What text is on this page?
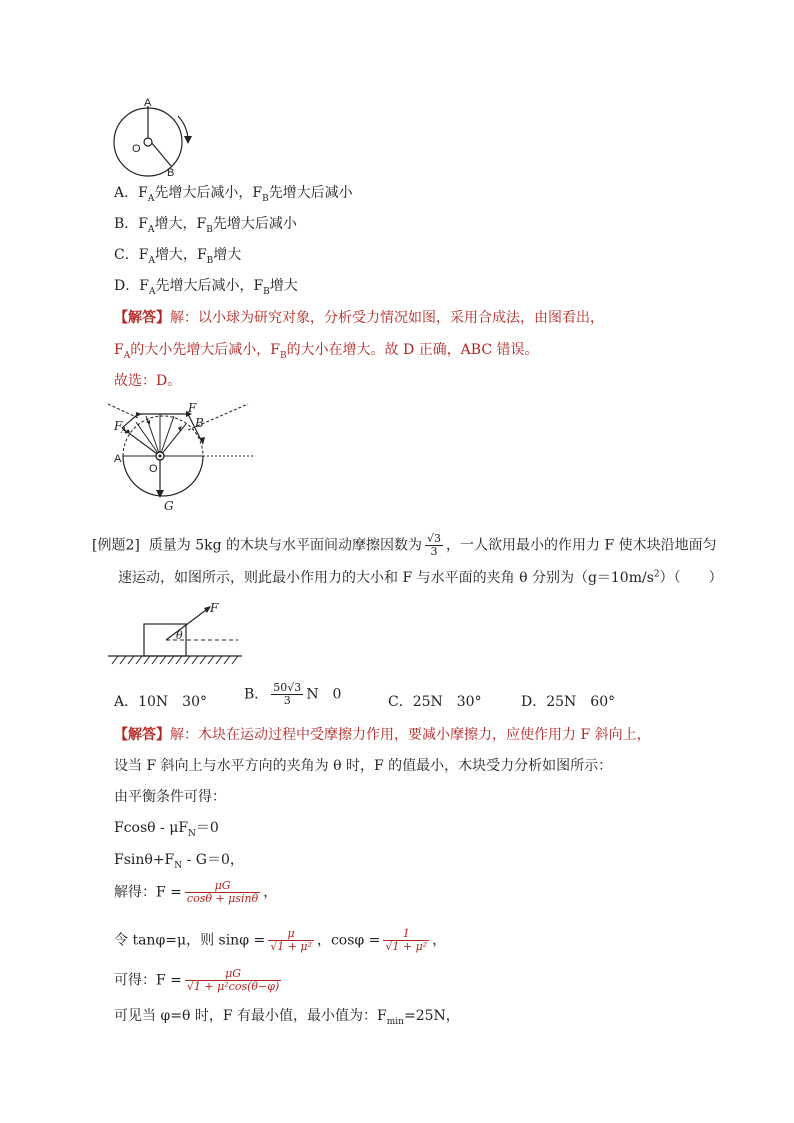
A
O
B
A．$F_A$先增大后减小，$F_B$先增大后减小
B．$F_A$增大，$F_B$先增大后减小
C．$F_A$增大，$F_B$增大
D．$F_A$先增大后减小，$F_B$增大
【解答】解：以小球为研究对象，分析受力情况如图，采用合成法，由图看出，
$F_A$的大小先增大后减小，$F_B$的大小在增大。故 D 正确，ABC 错误。
故选：D。
F
A
F
B
A
O
G
[例题2] 质量为 5kg 的木块与水平面间动摩擦因数为 $\frac{√3}{3}$ ，一人欲用最小的作用力 F 使木块沿地面匀
速运动，如图所示，则此最小作用力的大小和 F 与水平面的夹角 θ 分别为$(g=10m/s^2)$（　　）
F
θ
A．10N　30°	B． $\frac{50√3}{3}$ N　0	C．25N　30°	D．25N　60°
【解答】解：木块在运动过程中受摩擦力作用，要减小摩擦力，应使作用力 F 斜向上，
设当 F 斜向上与水平方向的夹角为 θ 时，F 的值最小，木块受力分析如图所示：
由平衡条件可得：
$Fcos\theta - \mu F_N=0$
$Fsin\theta+F_N - G=0$，
解得：$F = \frac{\mu G}{\cos\theta + \mu\sin\theta}$ ，
令 tanφ=μ，则 $\sin\varphi = \frac{\mu}{\text{√1 + μ²}}$ ，$\cos\varphi = \frac{1}{\text{√1 + μ²}}$ ，
可得：$F = \frac{\mu G}{\text{√1 + μ²cos(θ−φ)}}$
可见当 φ=θ 时，F 有最小值，最小值为：$F_{min}=25N$，
